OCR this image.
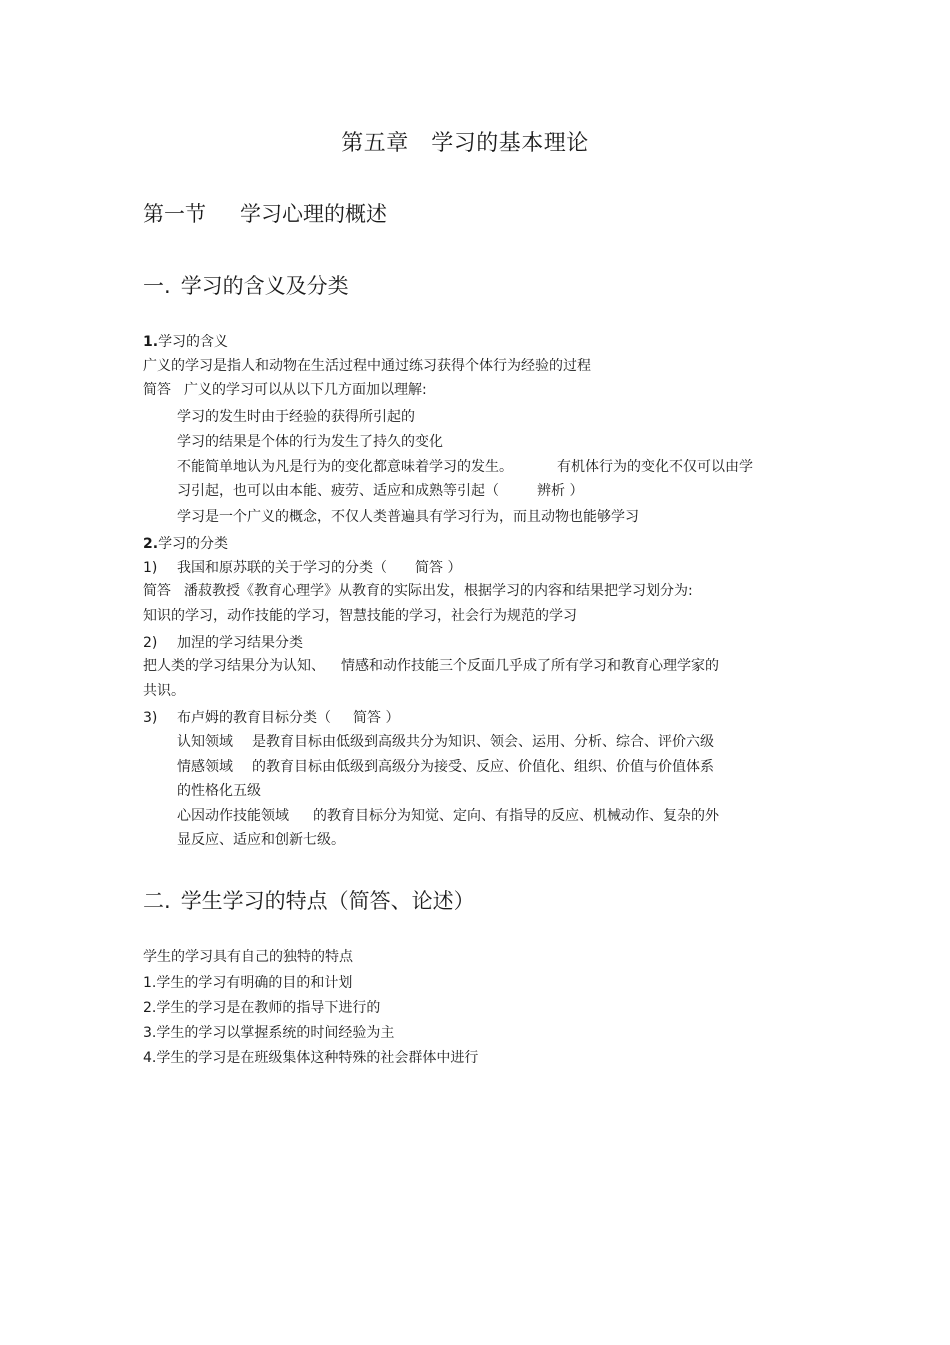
第五章　学习的基本理论
第一节 学习心理的概述
一. 学习的含义及分类
1.学习的含义
广义的学习是指人和动物在生活过程中通过练习获得个体行为经验的过程
简答 广义的学习可以从以下几方面加以理解:
学习的发生时由于经验的获得所引起的
学习的结果是个体的行为发生了持久的变化
不能简单地认为凡是行为的变化都意味着学习的发生。	有机体行为的变化不仅可以由学
习引起，也可以由本能、疲劳、适应和成熟等引起（	辨析 ）
学习是一个广义的概念，不仅人类普遍具有学习行为，而且动物也能够学习
2.学习的分类
1) 我国和原苏联的关于学习的分类（ 简答 ）
简答 潘菽教授《教育心理学》从教育的实际出发，根据学习的内容和结果把学习划分为:
知识的学习，动作技能的学习，智慧技能的学习，社会行为规范的学习
2) 加涅的学习结果分类
把人类的学习结果分为认知、 情感和动作技能三个反面几乎成了所有学习和教育心理学家的
共识。
3) 布卢姆的教育目标分类（ 简答 ）
认知领域 是教育目标由低级到高级共分为知识、领会、运用、分析、综合、评价六级
情感领域 的教育目标由低级到高级分为接受、反应、价值化、组织、价值与价值体系
的性格化五级
心因动作技能领域 的教育目标分为知觉、定向、有指导的反应、机械动作、复杂的外
显反应、适应和创新七级。
二. 学生学习的特点（简答、论述）
学生的学习具有自己的独特的特点
1.学生的学习有明确的目的和计划
2.学生的学习是在教师的指导下进行的
3.学生的学习以掌握系统的时间经验为主
4.学生的学习是在班级集体这种特殊的社会群体中进行
